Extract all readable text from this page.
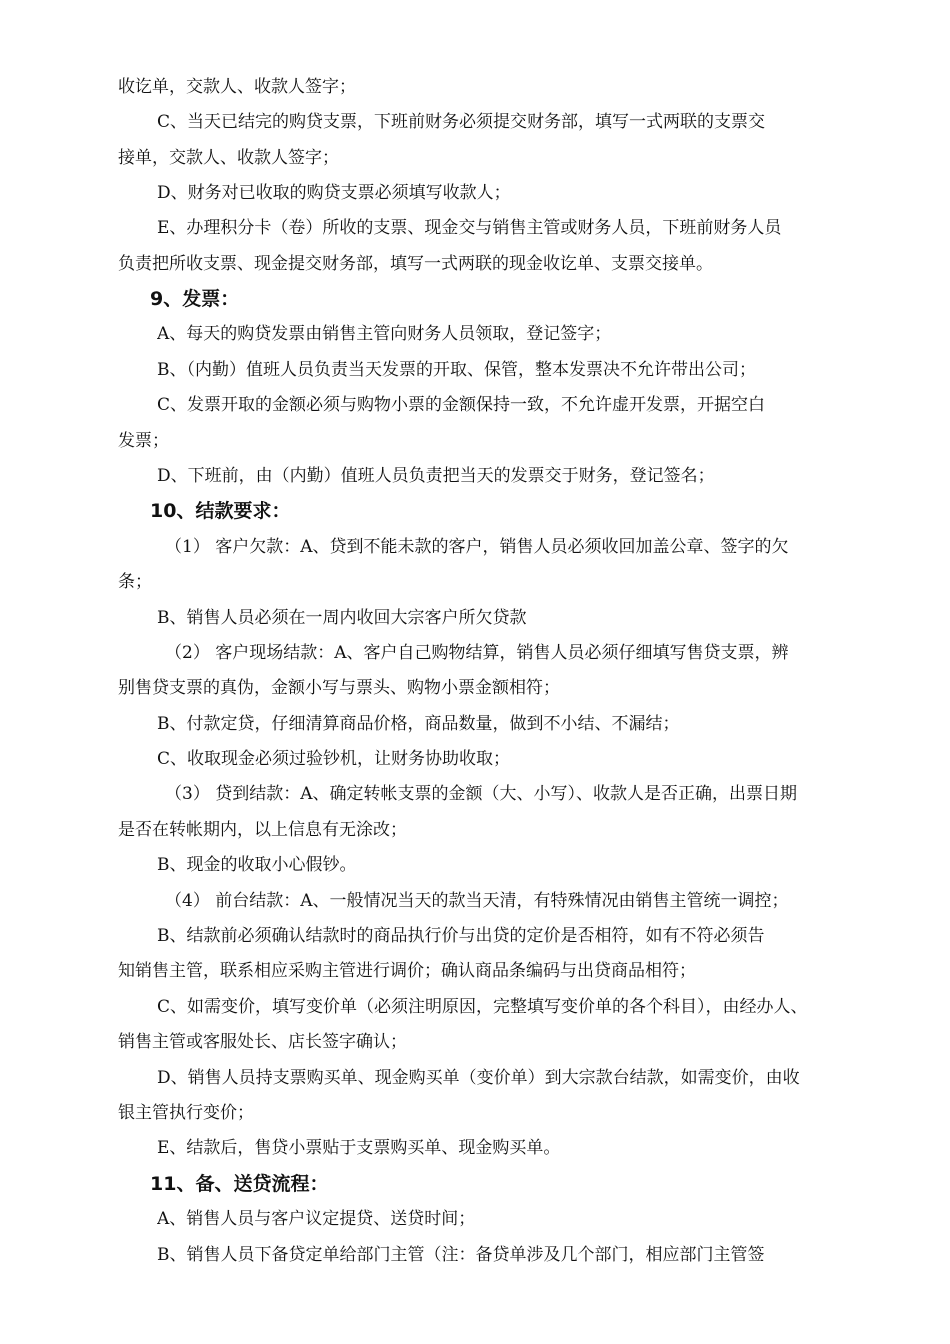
收讫单，交款人、收款人签字；
C、当天已结完的购贷支票，下班前财务必须提交财务部，填写一式两联的支票交
接单，交款人、收款人签字；
D、财务对已收取的购贷支票必须填写收款人；
E、办理积分卡（卷）所收的支票、现金交与销售主管或财务人员，下班前财务人员
负责把所收支票、现金提交财务部，填写一式两联的现金收讫单、支票交接单。
9、发票：
A、每天的购贷发票由销售主管向财务人员领取，登记签字；
B、（内勤）值班人员负责当天发票的开取、保管，整本发票决不允许带出公司；
C、发票开取的金额必须与购物小票的金额保持一致，不允许虚开发票，开据空白
发票；
D、下班前，由（内勤）值班人员负责把当天的发票交于财务，登记签名；
10、结款要求：
（1） 客户欠款：A、贷到不能未款的客户，销售人员必须收回加盖公章、签字的欠
条；
B、销售人员必须在一周内收回大宗客户所欠贷款
（2） 客户现场结款：A、客户自己购物结算，销售人员必须仔细填写售贷支票，辨
别售贷支票的真伪，金额小写与票头、购物小票金额相符；
B、付款定贷，仔细清算商品价格，商品数量，做到不小结、不漏结；
C、收取现金必须过验钞机，让财务协助收取；
（3） 贷到结款：A、确定转帐支票的金额（大、小写）、收款人是否正确，出票日期
是否在转帐期内，以上信息有无涂改；
B、现金的收取小心假钞。
（4） 前台结款：A、一般情况当天的款当天清，有特殊情况由销售主管统一调控；
B、结款前必须确认结款时的商品执行价与出贷的定价是否相符，如有不符必须告
知销售主管，联系相应采购主管进行调价；确认商品条编码与出贷商品相符；
C、如需变价，填写变价单（必须注明原因，完整填写变价单的各个科目），由经办人、
销售主管或客服处长、店长签字确认；
D、销售人员持支票购买单、现金购买单（变价单）到大宗款台结款，如需变价，由收
银主管执行变价；
E、结款后，售贷小票贴于支票购买单、现金购买单。
11、备、送贷流程：
A、销售人员与客户议定提贷、送贷时间；
B、销售人员下备贷定单给部门主管（注：备贷单涉及几个部门，相应部门主管签
